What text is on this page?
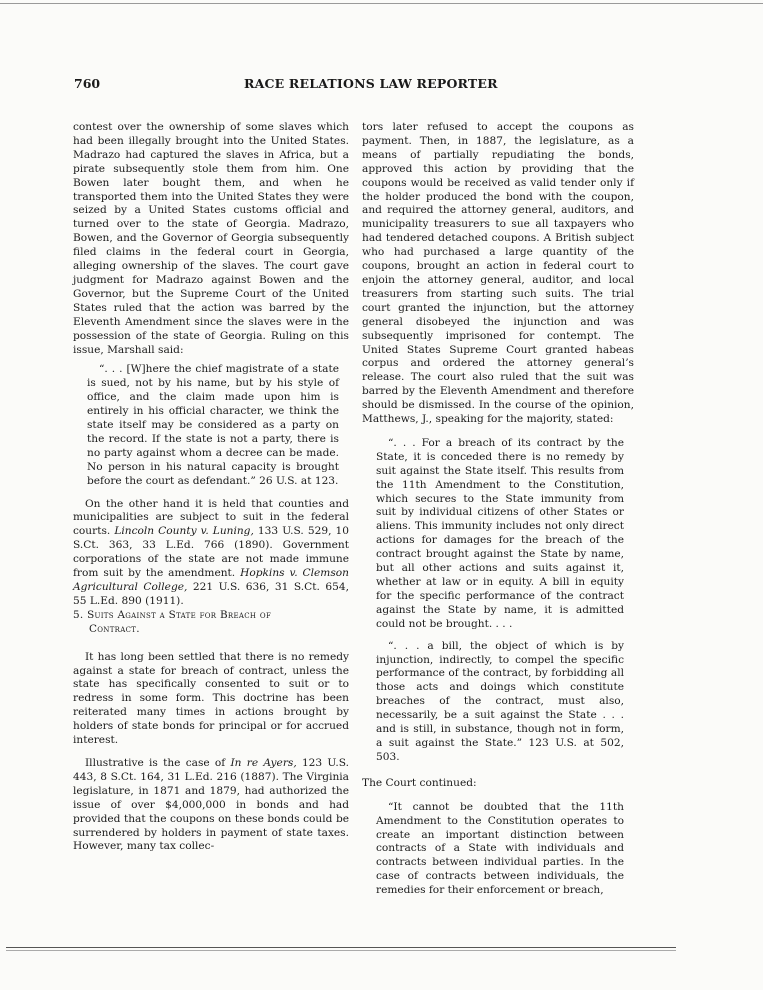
760	RACE RELATIONS LAW REPORTER

contest over the ownership of some slaves which had been illegally brought into the United States. Madrazo had captured the slaves in Africa, but a pirate subsequently stole them from him. One Bowen later bought them, and when he transported them into the United States they were seized by a United States customs official and turned over to the state of Georgia. Madrazo, Bowen, and the Governor of Georgia subsequently filed claims in the federal court in Georgia, alleging ownership of the slaves. The court gave judgment for Madrazo against Bowen and the Governor, but the Supreme Court of the United States ruled that the action was barred by the Eleventh Amendment since the slaves were in the possession of the state of Georgia. Ruling on this issue, Marshall said:

“. . . [W]here the chief magistrate of a state is sued, not by his name, but by his style of office, and the claim made upon him is entirely in his official character, we think the state itself may be considered as a party on the record. If the state is not a party, there is no party against whom a decree can be made. No person in his natural capacity is brought before the court as defendant.” 26 U.S. at 123.

On the other hand it is held that counties and municipalities are subject to suit in the federal courts. Lincoln County v. Luning, 133 U.S. 529, 10 S.Ct. 363, 33 L.Ed. 766 (1890). Government corporations of the state are not made immune from suit by the amendment. Hopkins v. Clemson Agricultural College, 221 U.S. 636, 31 S.Ct. 654, 55 L.Ed. 890 (1911).

5. Suits Against a State for Breach of
Contract.

It has long been settled that there is no remedy against a state for breach of contract, unless the state has specifically consented to suit or to redress in some form. This doctrine has been reiterated many times in actions brought by holders of state bonds for principal or for accrued interest.

Illustrative is the case of In re Ayers, 123 U.S. 443, 8 S.Ct. 164, 31 L.Ed. 216 (1887). The Virginia legislature, in 1871 and 1879, had authorized the issue of over $4,000,000 in bonds and had provided that the coupons on these bonds could be surrendered by holders in payment of state taxes. However, many tax collec-

tors later refused to accept the coupons as payment. Then, in 1887, the legislature, as a means of partially repudiating the bonds, approved this action by providing that the coupons would be received as valid tender only if the holder produced the bond with the coupon, and required the attorney general, auditors, and municipality treasurers to sue all taxpayers who had tendered detached coupons. A British subject who had purchased a large quantity of the coupons, brought an action in federal court to enjoin the attorney general, auditor, and local treasurers from starting such suits. The trial court granted the injunction, but the attorney general disobeyed the injunction and was subsequently imprisoned for contempt. The United States Supreme Court granted habeas corpus and ordered the attorney general’s release. The court also ruled that the suit was barred by the Eleventh Amendment and therefore should be dismissed. In the course of the opinion, Matthews, J., speaking for the majority, stated:

“. . . For a breach of its contract by the State, it is conceded there is no remedy by suit against the State itself. This results from the 11th Amendment to the Constitution, which secures to the State immunity from suit by individual citizens of other States or aliens. This immunity includes not only direct actions for damages for the breach of the contract brought against the State by name, but all other actions and suits against it, whether at law or in equity. A bill in equity for the specific performance of the contract against the State by name, it is admitted could not be brought. . . .

“. . . a bill, the object of which is by injunction, indirectly, to compel the specific performance of the contract, by forbidding all those acts and doings which constitute breaches of the contract, must also, necessarily, be a suit against the State . . . and is still, in substance, though not in form, a suit against the State.” 123 U.S. at 502, 503.

The Court continued:

“It cannot be doubted that the 11th Amendment to the Constitution operates to create an important distinction between contracts of a State with individuals and contracts between individual parties. In the case of contracts between individuals, the remedies for their enforcement or breach,
